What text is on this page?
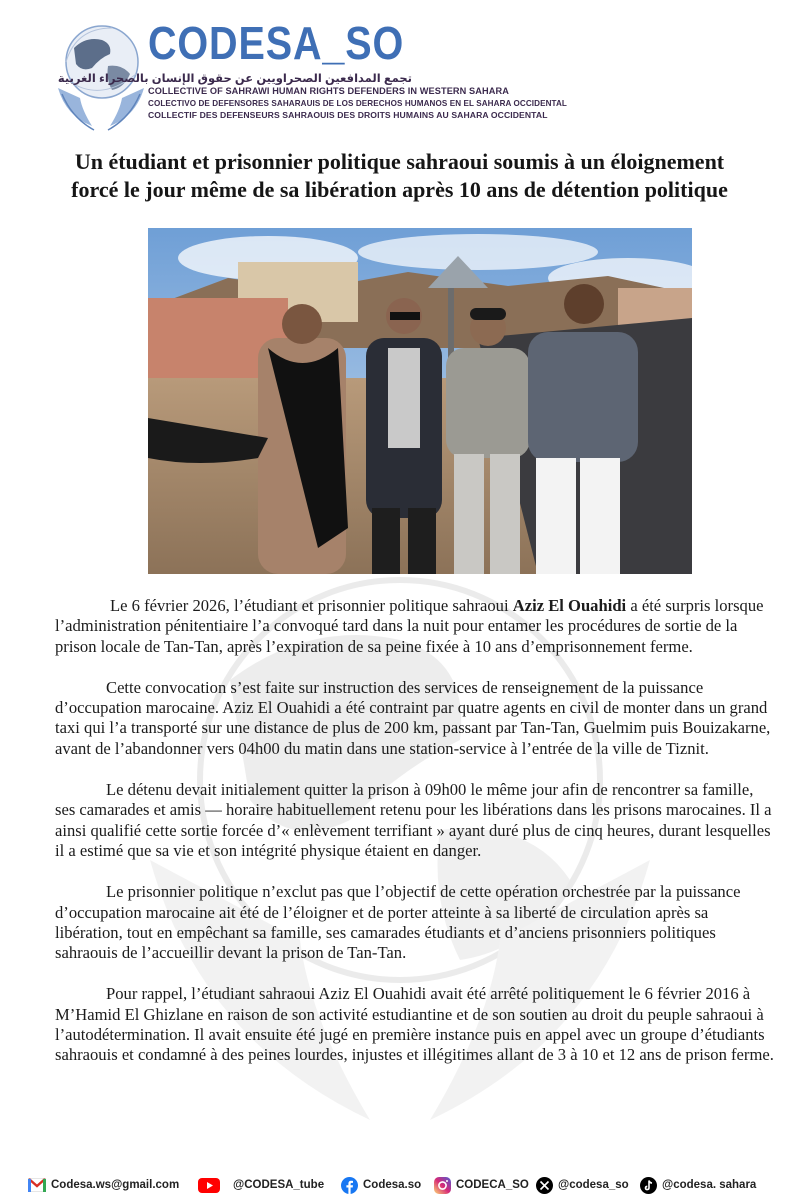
CODESA_SO
تجمع المدافعين الصحراويين عن حقوق الإنسان بالصحراء الغربية
COLLECTIVE OF SAHRAWI HUMAN RIGHTS DEFENDERS IN WESTERN SAHARA
COLECTIVO DE DEFENSORES SAHARAUIS DE LOS DERECHOS HUMANOS EN EL SAHARA OCCIDENTAL
COLLECTIF DES DEFENSEURS SAHRAOUIS DES DROITS HUMAINS AU SAHARA OCCIDENTAL
Un étudiant et prisonnier politique sahraoui soumis à un éloignement
forcé le jour même de sa libération après 10 ans de détention politique

Le 6 février 2026, l’étudiant et prisonnier politique sahraoui Aziz El Ouahidi a été surpris lorsque l’administration pénitentiaire l’a convoqué tard dans la nuit pour entamer les procédures de sortie de la prison locale de Tan-Tan, après l’expiration de sa peine fixée à 10 ans d’emprisonnement ferme.

Cette convocation s’est faite sur instruction des services de renseignement de la puissance d’occupation marocaine. Aziz El Ouahidi a été contraint par quatre agents en civil de monter dans un grand taxi qui l’a transporté sur une distance de plus de 200 km, passant par Tan-Tan, Guelmim puis Bouizakarne, avant de l’abandonner vers 04h00 du matin dans une station-service à l’entrée de la ville de Tiznit.

Le détenu devait initialement quitter la prison à 09h00 le même jour afin de rencontrer sa famille, ses camarades et amis — horaire habituellement retenu pour les libérations dans les prisons marocaines. Il a ainsi qualifié cette sortie forcée d’« enlèvement terrifiant » ayant duré plus de cinq heures, durant lesquelles il a estimé que sa vie et son intégrité physique étaient en danger.

Le prisonnier politique n’exclut pas que l’objectif de cette opération orchestrée par la puissance d’occupation marocaine ait été de l’éloigner et de porter atteinte à sa liberté de circulation après sa libération, tout en empêchant sa famille, ses camarades étudiants et d’anciens prisonniers politiques sahraouis de l’accueillir devant la prison de Tan-Tan.

Pour rappel, l’étudiant sahraoui Aziz El Ouahidi avait été arrêté politiquement le 6 février 2016 à M’Hamid El Ghizlane en raison de son activité estudiantine et de son soutien au droit du peuple sahraoui à l’autodétermination. Il avait ensuite été jugé en première instance puis en appel avec un groupe d’étudiants sahraouis et condamné à des peines lourdes, injustes et illégitimes allant de 3 à 10 et 12 ans de prison ferme.

Codesa.ws@gmail.com	@CODESA_tube	Codesa.so	CODECA_SO	@codesa_so	@codesa. sahara
